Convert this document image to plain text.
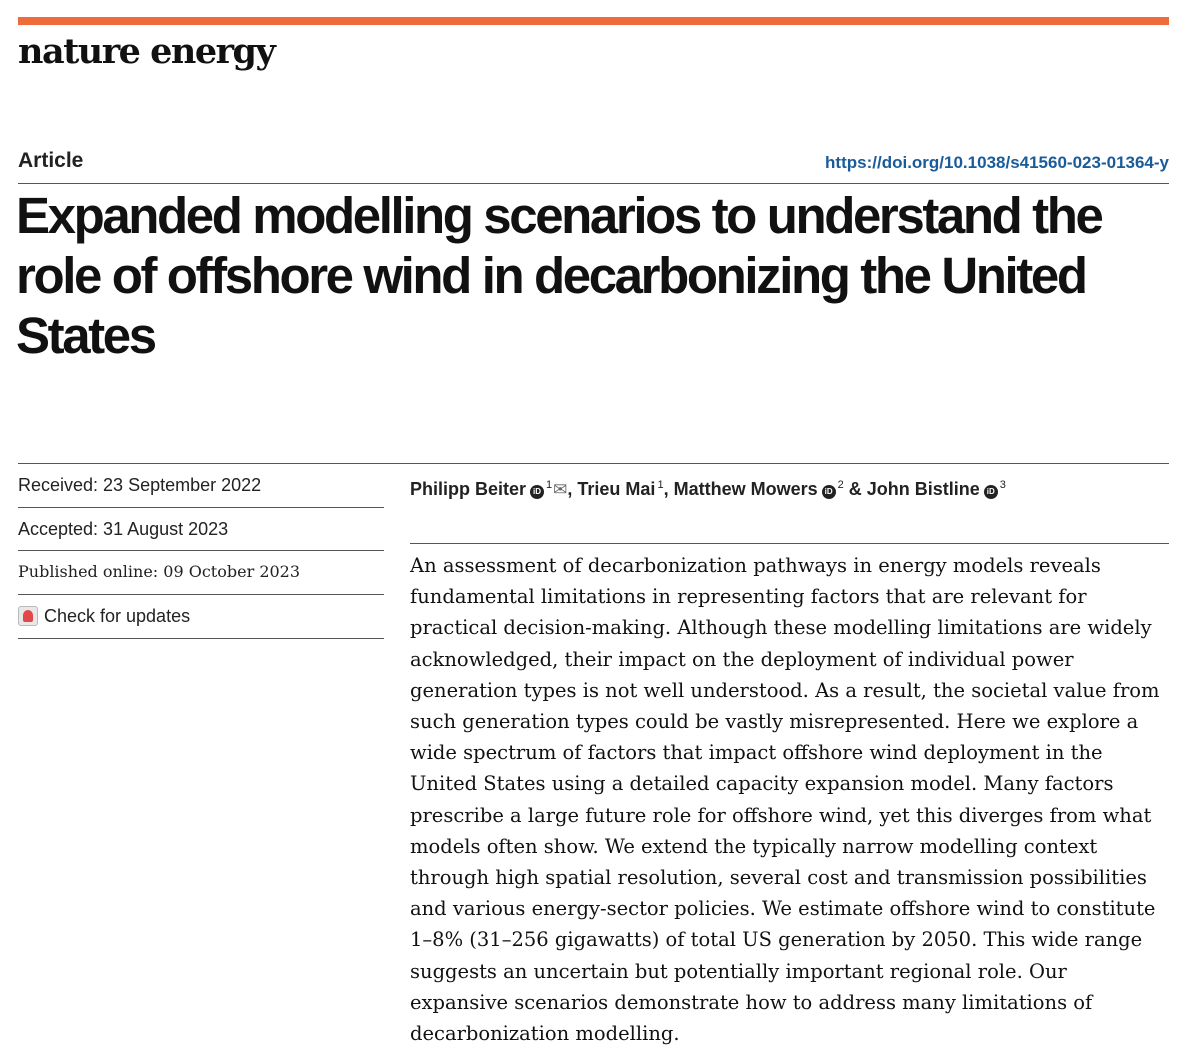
nature energy
Article	https://doi.org/10.1038/s41560-023-01364-y
Expanded modelling scenarios to understand the role of offshore wind in decarbonizing the United States
Received: 23 September 2022
Accepted: 31 August 2023
Published online: 09 October 2023
Check for updates
Philipp Beiter iD$^1$✉, Trieu Mai $^1$, Matthew Mowers iD$^2$ & John Bistline iD$^3$

An assessment of decarbonization pathways in energy models reveals fundamental limitations in representing factors that are relevant for practical decision-making. Although these modelling limitations are widely acknowledged, their impact on the deployment of individual power generation types is not well understood. As a result, the societal value from such generation types could be vastly misrepresented. Here we explore a wide spectrum of factors that impact offshore wind deployment in the United States using a detailed capacity expansion model. Many factors prescribe a large future role for offshore wind, yet this diverges from what models often show. We extend the typically narrow modelling context through high spatial resolution, several cost and transmission possibilities and various energy-sector policies. We estimate offshore wind to constitute 1–8% (31–256 gigawatts) of total US generation by 2050. This wide range suggests an uncertain but potentially important regional role. Our expansive scenarios demonstrate how to address many limitations of decarbonization modelling.
